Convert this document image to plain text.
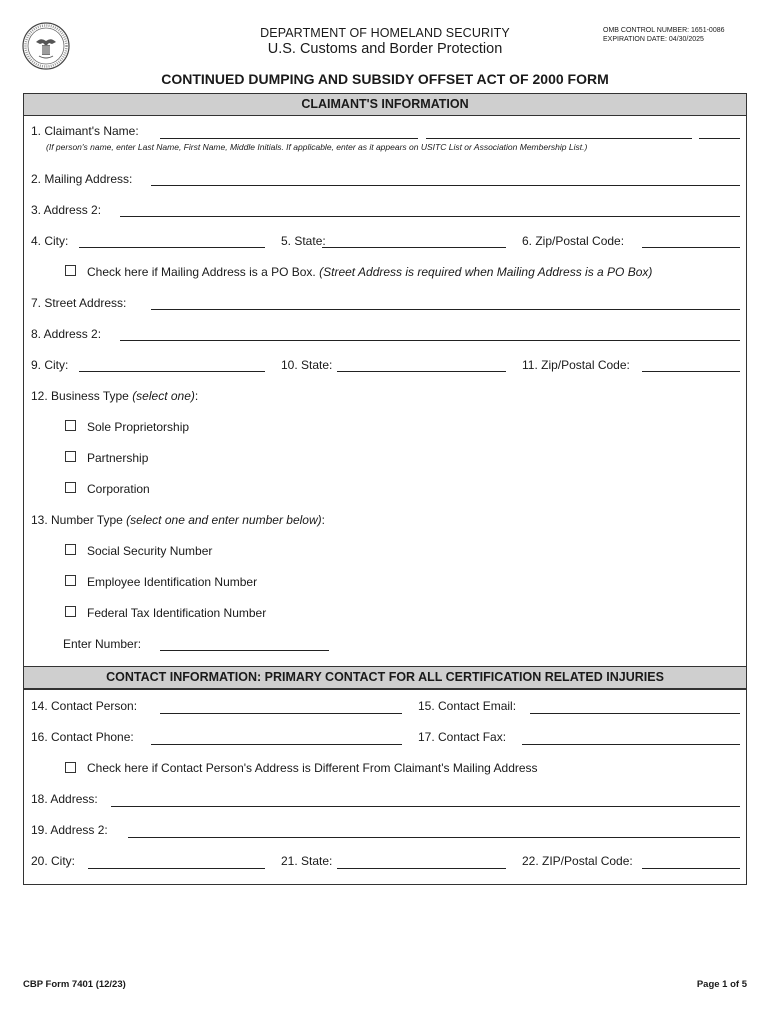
DEPARTMENT OF HOMELAND SECURITY
U.S. Customs and Border Protection
OMB CONTROL NUMBER: 1651-0086
EXPIRATION DATE: 04/30/2025
CONTINUED DUMPING AND SUBSIDY OFFSET ACT OF 2000 FORM
CLAIMANT'S INFORMATION
CONTACT INFORMATION: PRIMARY CONTACT FOR ALL CERTIFICATION RELATED INJURIES
1. Claimant's Name:
(If person's name, enter Last Name, First Name, Middle Initials. If applicable, enter as it appears on USITC List or Association Membership List.)
2. Mailing Address:
3. Address 2:
4. City:	5. State:	6. Zip/Postal Code:
Check here if Mailing Address is a PO Box. (Street Address is required when Mailing Address is a PO Box)
7. Street Address:
8. Address 2:
9. City:	10. State:	11. Zip/Postal Code:
12. Business Type (select one):
Sole Proprietorship
Partnership
Corporation
13. Number Type (select one and enter number below):
Social Security Number
Employee Identification Number
Federal Tax Identification Number
Enter Number:
14. Contact Person:	15. Contact Email:
16. Contact Phone:	17. Contact Fax:
Check here if Contact Person's Address is Different From Claimant's Mailing Address
18. Address:
19. Address 2:
20. City:	21. State:	22. ZIP/Postal Code:
CBP Form 7401 (12/23)	Page 1 of 5
